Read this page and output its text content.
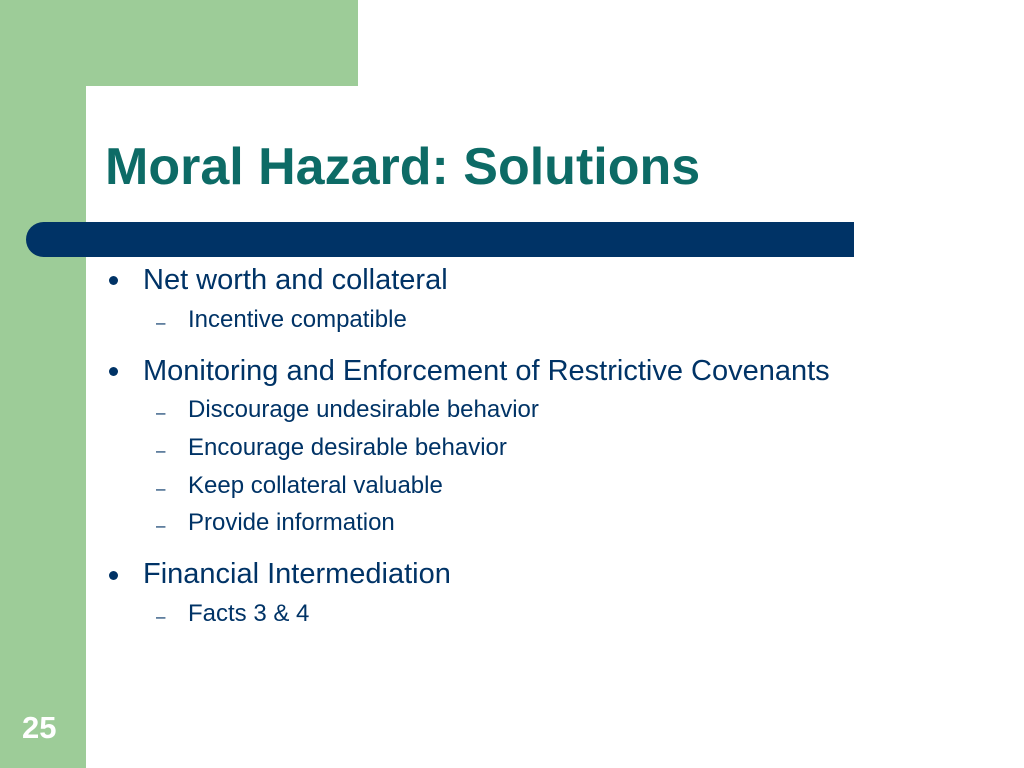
Moral Hazard: Solutions
Net worth and collateral
– Incentive compatible
Monitoring and Enforcement of Restrictive Covenants
– Discourage undesirable behavior
– Encourage desirable behavior
– Keep collateral valuable
– Provide information
Financial Intermediation
– Facts 3 & 4
25
